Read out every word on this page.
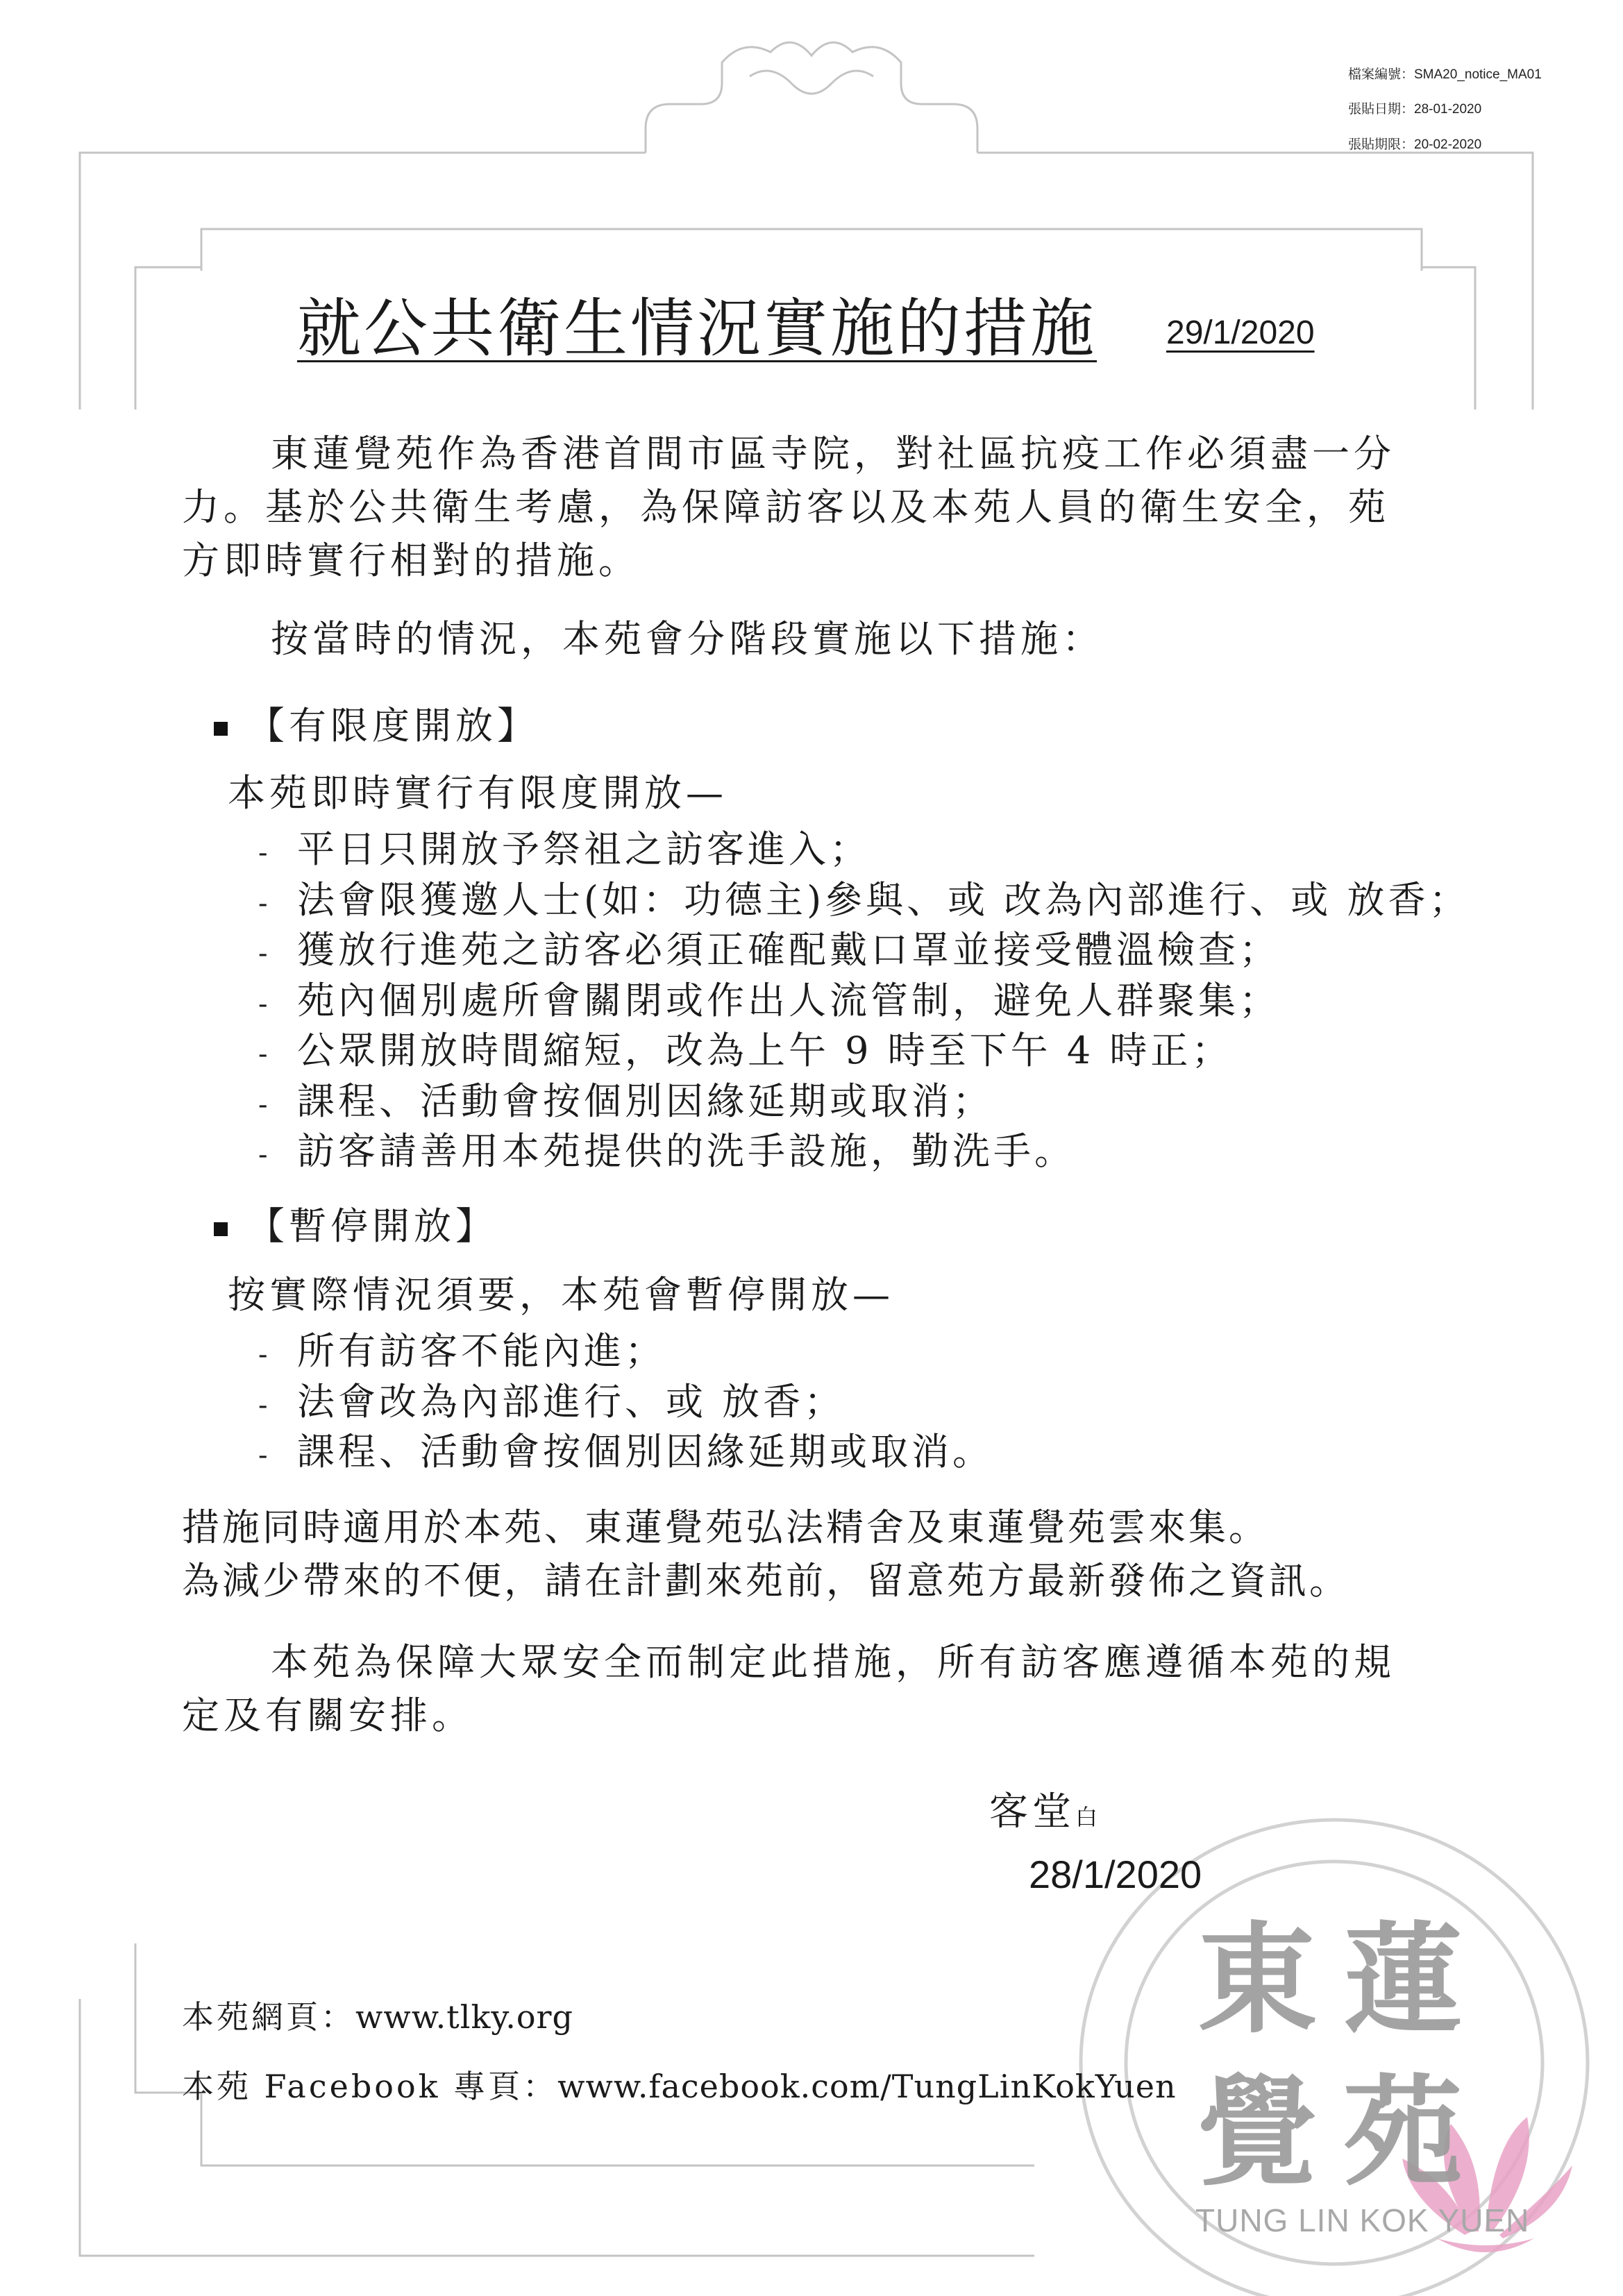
檔案編號：SMA20_notice_MA01
張貼日期：28-01-2020
張貼期限：20-02-2020
就公共衛生情況實施的措施 29/1/2020
東蓮覺苑作為香港首間市區寺院，對社區抗疫工作必須盡一分
力。基於公共衛生考慮，為保障訪客以及本苑人員的衛生安全，苑
方即時實行相對的措施。
按當時的情況，本苑會分階段實施以下措施：
【有限度開放】
本苑即時實行有限度開放—
- 平日只開放予祭祖之訪客進入；
- 法會限獲邀人士(如：功德主)參與、或 改為內部進行、或 放香；
- 獲放行進苑之訪客必須正確配戴口罩並接受體溫檢查；
- 苑內個別處所會關閉或作出人流管制，避免人群聚集；
- 公眾開放時間縮短，改為上午 9 時至下午 4 時正；
- 課程、活動會按個別因緣延期或取消；
- 訪客請善用本苑提供的洗手設施，勤洗手。
【暫停開放】
按實際情況須要，本苑會暫停開放—
- 所有訪客不能內進；
- 法會改為內部進行、或 放香；
- 課程、活動會按個別因緣延期或取消。
措施同時適用於本苑、東蓮覺苑弘法精舍及東蓮覺苑雲來集。
為減少帶來的不便，請在計劃來苑前，留意苑方最新發佈之資訊。
本苑為保障大眾安全而制定此措施，所有訪客應遵循本苑的規
定及有關安排。
客堂白
28/1/2020
本苑網頁：www.tlky.org
本苑 Facebook 專頁：www.facebook.com/TungLinKokYuen
東 蓮
覺 苑
TUNG LIN KOK YUEN
